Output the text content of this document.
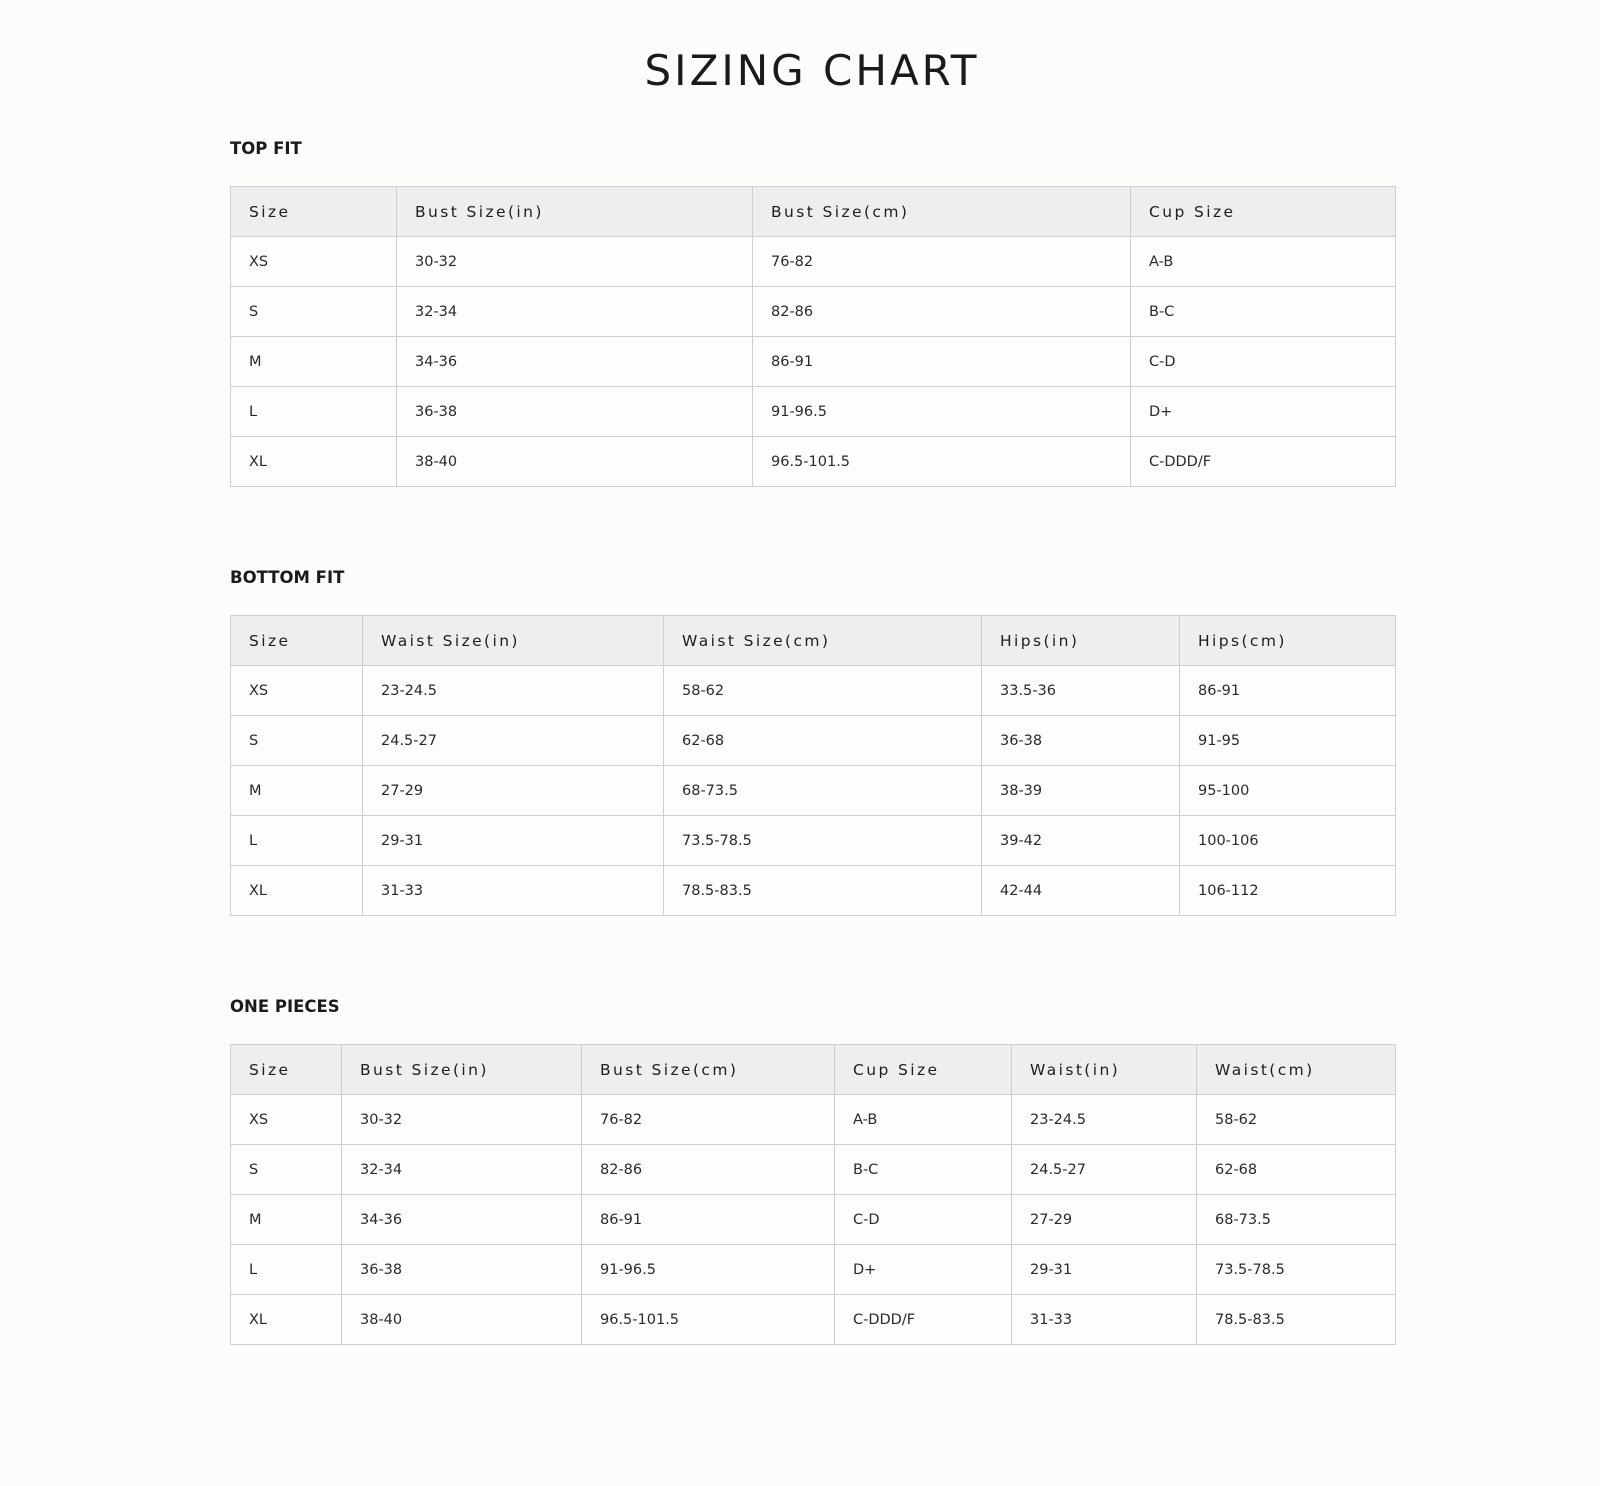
SIZING CHART
TOP FIT
Size	Bust Size(in)	Bust Size(cm)	Cup Size
XS	30-32	76-82	A-B
S	32-34	82-86	B-C
M	34-36	86-91	C-D
L	36-38	91-96.5	D+
XL	38-40	96.5-101.5	C-DDD/F
BOTTOM FIT
Size	Waist Size(in)	Waist Size(cm)	Hips(in)	Hips(cm)
XS	23-24.5	58-62	33.5-36	86-91
S	24.5-27	62-68	36-38	91-95
M	27-29	68-73.5	38-39	95-100
L	29-31	73.5-78.5	39-42	100-106
XL	31-33	78.5-83.5	42-44	106-112
ONE PIECES
Size	Bust Size(in)	Bust Size(cm)	Cup Size	Waist(in)	Waist(cm)
XS	30-32	76-82	A-B	23-24.5	58-62
S	32-34	82-86	B-C	24.5-27	62-68
M	34-36	86-91	C-D	27-29	68-73.5
L	36-38	91-96.5	D+	29-31	73.5-78.5
XL	38-40	96.5-101.5	C-DDD/F	31-33	78.5-83.5
